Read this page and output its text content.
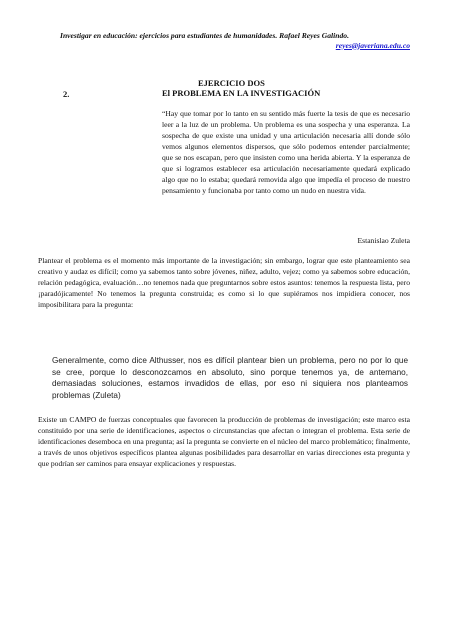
Investigar en educación: ejercicios para estudiantes de humanidades. Rafael Reyes Galindo.
reyes@javeriana.edu.co
2.
EJERCICIO DOS
El PROBLEMA EN LA INVESTIGACIÓN
“Hay que tomar por lo tanto en su sentido más fuerte la tesis de que es necesario leer a la luz de un problema. Un problema es una sospecha y una esperanza. La sospecha de que existe una unidad y una articulación necesaria allí donde sólo vemos algunos elementos dispersos, que sólo podemos entender parcialmente; que se nos escapan, pero que insisten como una herida abierta. Y la esperanza de que si logramos establecer esa articulación necesariamente quedará explicado algo que no lo estaba; quedará removida algo que impedía el proceso de nuestro pensamiento y funcionaba por tanto como un nudo en nuestra vida.
Estanislao Zuleta
Plantear el problema es el momento más importante de la investigación; sin embargo, lograr que este planteamiento sea creativo y audaz es difícil; como ya sabemos tanto sobre jóvenes, niñez, adulto, vejez; como ya sabemos sobre educación, relación pedagógica, evaluación…no tenemos nada que preguntarnos sobre estos asuntos: tenemos la respuesta lista, pero ¡paradójicamente! No tenemos la pregunta construida; es como si lo que supiéramos nos impidiera conocer, nos imposibilitara para la pregunta:
Generalmente, como dice Althusser, nos es difícil plantear bien un problema, pero no por lo que se cree, porque lo desconozcamos en absoluto, sino porque tenemos ya, de antemano, demasiadas soluciones, estamos invadidos de ellas, por eso ni siquiera nos planteamos problemas (Zuleta)
Existe un CAMPO de fuerzas conceptuales que favorecen la producción de problemas de investigación; este marco esta constituido por una serie de identificaciones, aspectos o circunstancias que afectan o integran el problema. Esta serie de identificaciones desemboca en una pregunta; así la pregunta se convierte en el núcleo del marco problemático; finalmente, a través de unos objetivos específicos plantea algunas posibilidades para desarrollar en varias direcciones esta pregunta y que podrían ser caminos para ensayar explicaciones y respuestas.
